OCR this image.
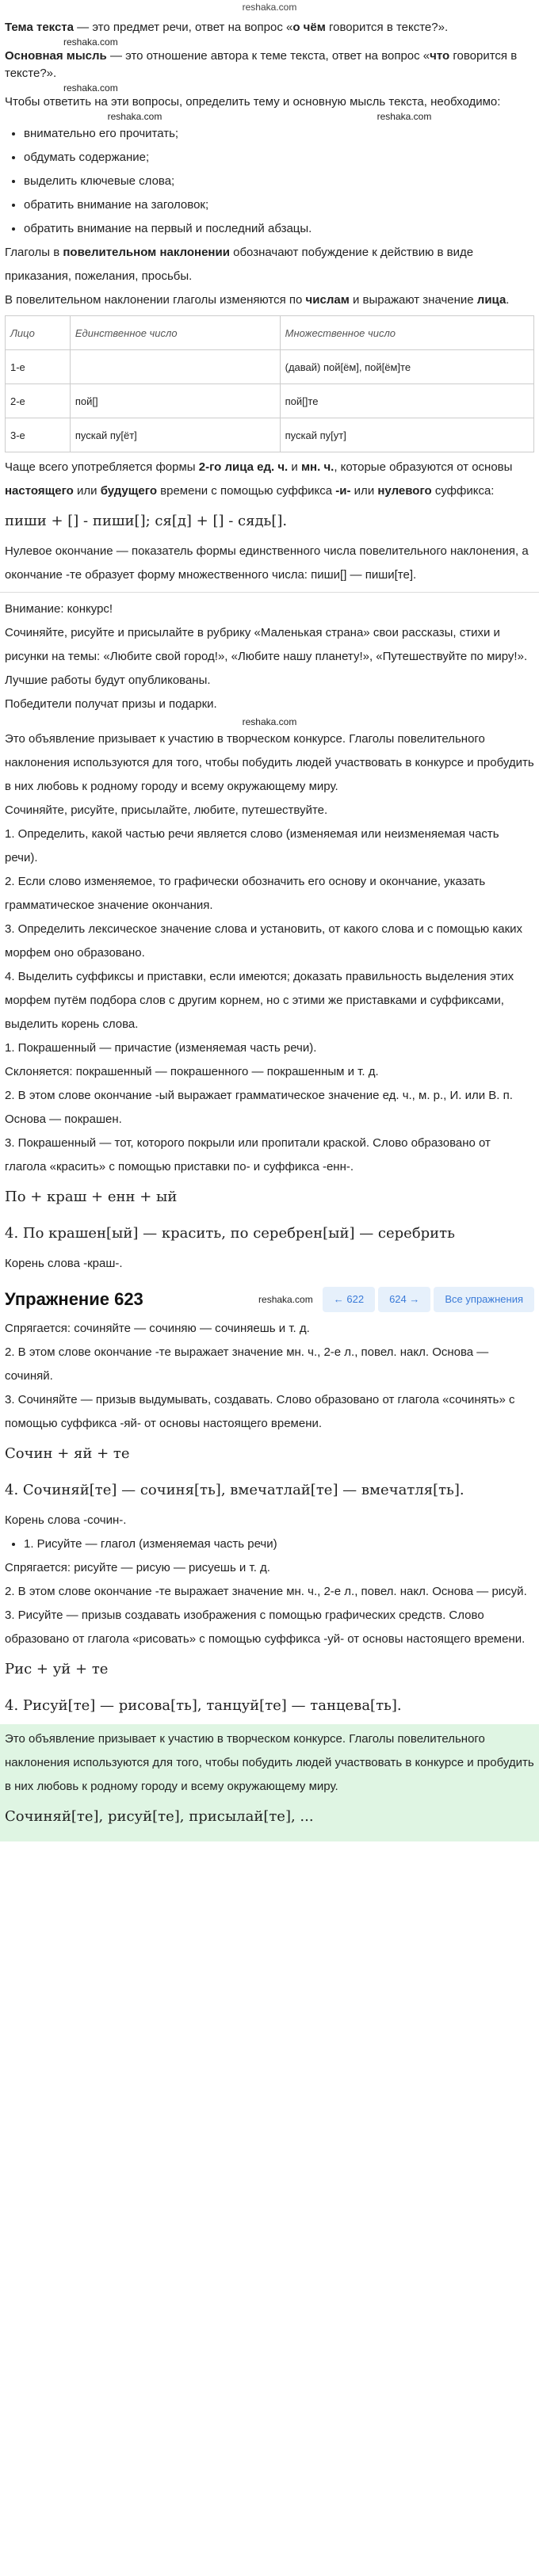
reshaka.com

Тема текста — это предмет речи, ответ на вопрос «о чём говорится в тексте?».

reshaka.com

Основная мысль — это отношение автора к теме текста, ответ на вопрос «что говорится в тексте?».

reshaka.com

Чтобы ответить на эти вопросы, определить тему и основную мысль текста, необходимо:

reshaka.com	reshaka.com
• внимательно его прочитать;
• обдумать содержание;
• выделить ключевые слова;
• обратить внимание на заголовок;
• обратить внимание на первый и последний абзацы.

Глаголы в повелительном наклонении обозначают побуждение к действию в виде приказания, пожелания, просьбы.

В повелительном наклонении глаголы изменяются по числам и выражают значение лица.

Лицо	Единственное число	Множественное число
1-е		(давай) пой[ём], пой[ём]те
2-е	пой[]	пой[]те
3-е	пускай пу[ёт]	пускай пу[ут]

Чаще всего употребляется формы 2-го лица ед. ч. и мн. ч., которые образуются от основы настоящего или будущего времени с помощью суффикса -и- или нулевого суффикса:

пиши + [] - пиши[]; ся[д] + [] - сядь[].

Нулевое окончание — показатель формы единственного числа повелительного наклонения, а окончание -те образует форму множественного числа: пиши[] — пиши[те].

Внимание: конкурс!

Сочиняйте, рисуйте и присылайте в рубрику «Маленькая страна» свои рассказы, стихи и рисунки на темы: «Любите свой город!», «Любите нашу планету!», «Путешествуйте по миру!». Лучшие работы будут опубликованы.

Победители получат призы и подарки.

reshaka.com

Это объявление призывает к участию в творческом конкурсе. Глаголы повелительного наклонения используются для того, чтобы побудить людей участвовать в конкурсе и пробудить в них любовь к родному городу и всему окружающему миру.

Сочиняйте, рисуйте, присылайте, любите, путешествуйте.

1. Определить, какой частью речи является слово (изменяемая или неизменяемая часть речи).

2. Если слово изменяемое, то графически обозначить его основу и окончание, указать грамматическое значение окончания.

3. Определить лексическое значение слова и установить, от какого слова и с помощью каких морфем оно образовано.

4. Выделить суффиксы и приставки, если имеются; доказать правильность выделения этих морфем путём подбора слов с другим корнем, но с этими же приставками и суффиксами, выделить корень слова.

1. Покрашенный — причастие (изменяемая часть речи).

Склоняется: покрашенный — покрашенного — покрашенным и т. д.

2. В этом слове окончание -ый выражает грамматическое значение ед. ч., м. р., И. или В. п. Основа — покрашен.

3. Покрашенный — тот, которого покрыли или пропитали краской. Слово образовано от глагола «красить» с помощью приставки по- и суффикса -енн-.

По + краш + енн + ый

4. По крашен[ый] — красить, по серебрен[ый] — серебрить

Корень слова -краш-.

Упражнение 623	reshaka.com	← 622	624 →	Все упражнения

Спрягается: сочиняйте — сочиняю — сочиняешь и т. д.

2. В этом слове окончание -те выражает значение мн. ч., 2-е л., повел. накл. Основа — сочиняй.

3. Сочиняйте — призыв выдумывать, создавать. Слово образовано от глагола «сочинять» с помощью суффикса -яй- от основы настоящего времени.

Сочин + яй + те

4. Сочиняй[те] — сочиня[ть], вмечатлай[те] — вмечатля[ть].

Корень слова -сочин-.

• 1. Рисуйте — глагол (изменяемая часть речи)

Спрягается: рисуйте — рисую — рисуешь и т. д.

2. В этом слове окончание -те выражает значение мн. ч., 2-е л., повел. накл. Основа — рисуй.

3. Рисуйте — призыв создавать изображения с помощью графических средств. Слово образовано от глагола «рисовать» с помощью суффикса -уй- от основы настоящего времени.

Рис + уй + те

4. Рисуй[те] — рисова[ть], танцуй[те] — танцева[ть].

Это объявление призывает к участию в творческом конкурсе. Глаголы повелительного наклонения используются для того, чтобы побудить людей участвовать в конкурсе и пробудить в них любовь к родному городу и всему окружающему миру.

Сочиняй[те], рисуй[те], присылай[те], ...
